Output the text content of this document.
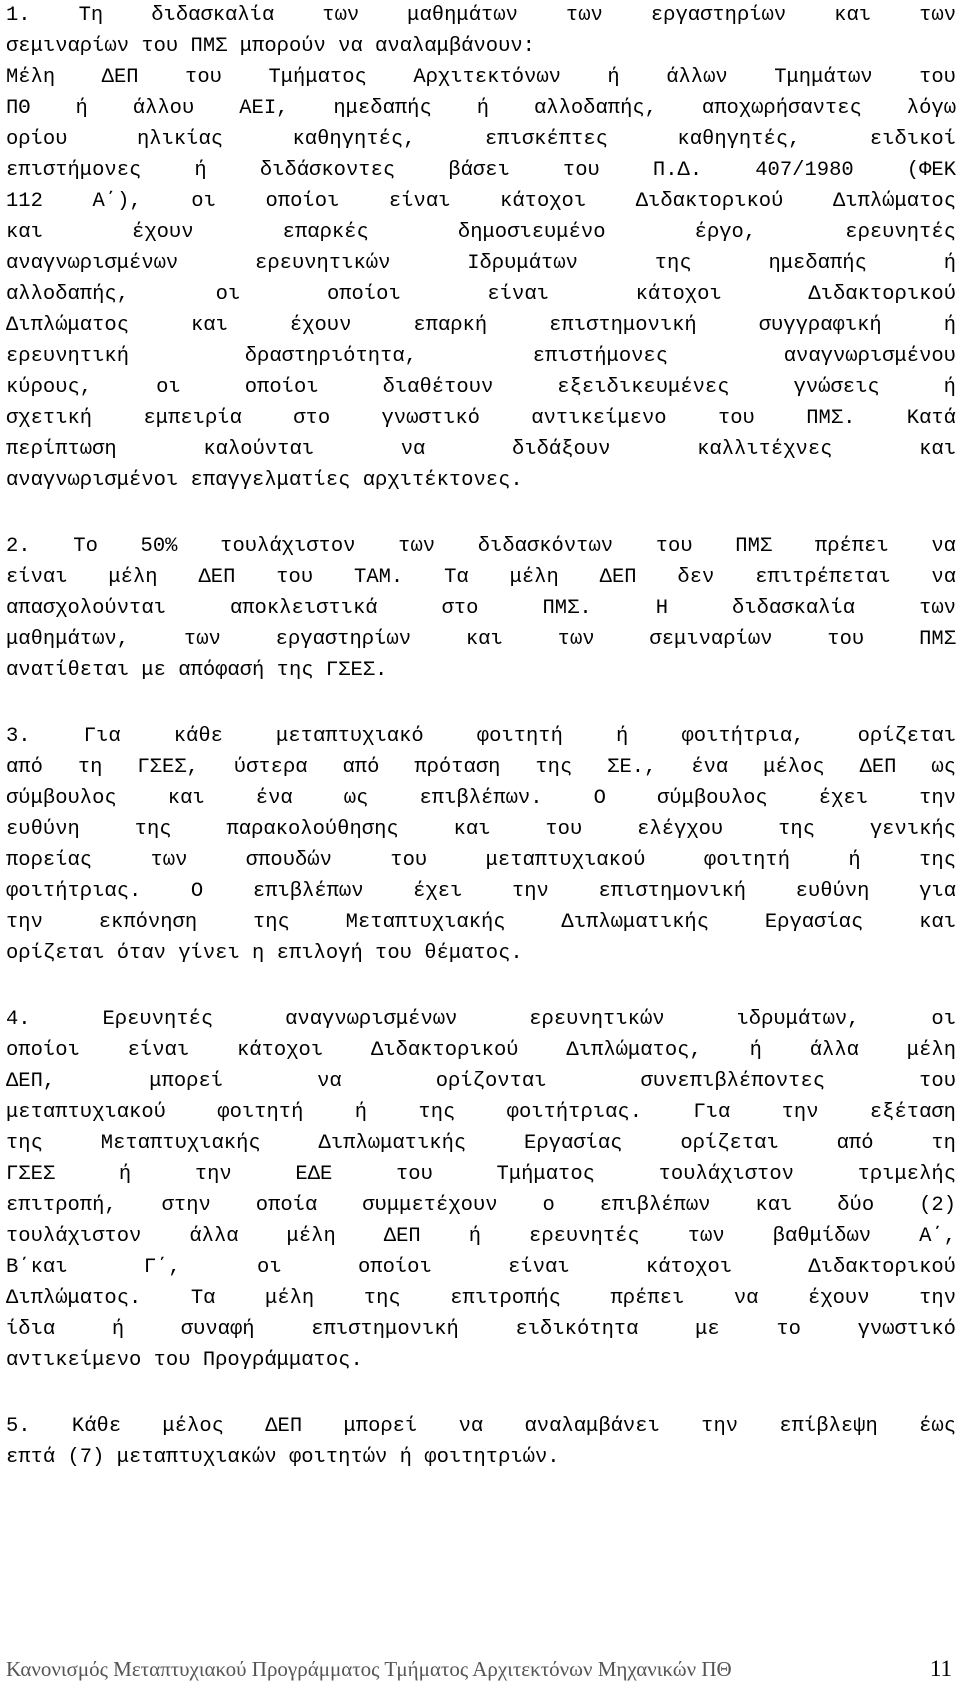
1. Τη διδασκαλία των μαθημάτων των εργαστηρίων και των
σεμιναρίων του ΠΜΣ μπορούν να αναλαμβάνουν:
Μέλη ΔΕΠ του Τμήματος Αρχιτεκτόνων ή άλλων Τμημάτων του
ΠΘ ή άλλου ΑΕΙ, ημεδαπής ή αλλοδαπής, αποχωρήσαντες λόγω
ορίου ηλικίας καθηγητές, επισκέπτες καθηγητές, ειδικοί
επιστήμονες ή διδάσκοντες βάσει του Π.Δ. 407/1980 (ΦΕΚ
112 Α΄), οι οποίοι είναι κάτοχοι Διδακτορικού Διπλώματος
και έχουν επαρκές δημοσιευμένο έργο, ερευνητές
αναγνωρισμένων ερευνητικών Ιδρυμάτων της ημεδαπής ή
αλλοδαπής, οι οποίοι είναι κάτοχοι Διδακτορικού
Διπλώματος και έχουν επαρκή επιστημονική συγγραφική ή
ερευνητική δραστηριότητα, επιστήμονες αναγνωρισμένου
κύρους, οι οποίοι διαθέτουν εξειδικευμένες γνώσεις ή
σχετική εμπειρία στο γνωστικό αντικείμενο του ΠΜΣ. Κατά
περίπτωση καλούνται να διδάξουν καλλιτέχνες και
αναγνωρισμένοι επαγγελματίες αρχιτέκτονες.
2. Το 50% τουλάχιστον των διδασκόντων του ΠΜΣ πρέπει να
είναι μέλη ΔΕΠ του ΤΑΜ. Τα μέλη ΔΕΠ δεν επιτρέπεται να
απασχολούνται αποκλειστικά στο ΠΜΣ. Η διδασκαλία των
μαθημάτων, των εργαστηρίων και των σεμιναρίων του ΠΜΣ
ανατίθεται με απόφασή της ΓΣΕΣ.
3. Για κάθε μεταπτυχιακό φοιτητή ή φοιτήτρια, ορίζεται
από τη ΓΣΕΣ, ύστερα από πρόταση της ΣΕ., ένα μέλος ΔΕΠ ως
σύμβουλος και ένα ως επιβλέπων. Ο σύμβουλος έχει την
ευθύνη της παρακολούθησης και του ελέγχου της γενικής
πορείας των σπουδών του μεταπτυχιακού φοιτητή ή της
φοιτήτριας. Ο επιβλέπων έχει την επιστημονική ευθύνη για
την εκπόνηση της Μεταπτυχιακής Διπλωματικής Εργασίας και
ορίζεται όταν γίνει η επιλογή του θέματος.
4. Ερευνητές αναγνωρισμένων ερευνητικών ιδρυμάτων, οι
οποίοι είναι κάτοχοι Διδακτορικού Διπλώματος, ή άλλα μέλη
ΔΕΠ, μπορεί να ορίζονται συνεπιβλέποντες του
μεταπτυχιακού φοιτητή ή της φοιτήτριας. Για την εξέταση
της Μεταπτυχιακής Διπλωματικής Εργασίας ορίζεται από τη
ΓΣΕΣ ή την ΕΔΕ του Τμήματος τουλάχιστον τριμελής
επιτροπή, στην οποία συμμετέχουν ο επιβλέπων και δύο (2)
τουλάχιστον άλλα μέλη ΔΕΠ ή ερευνητές των βαθμίδων Α΄,
Β΄και Γ΄, οι οποίοι είναι κάτοχοι Διδακτορικού
Διπλώματος. Τα μέλη της επιτροπής πρέπει να έχουν την
ίδια ή συναφή επιστημονική ειδικότητα με το γνωστικό
αντικείμενο του Προγράμματος.
5. Κάθε μέλος ΔΕΠ μπορεί να αναλαμβάνει την επίβλεψη έως
επτά (7) μεταπτυχιακών φοιτητών ή φοιτητριών.
Κανονισμός Μεταπτυχιακού Προγράμματος Τμήματος Αρχιτεκτόνων Μηχανικών ΠΘ	11
